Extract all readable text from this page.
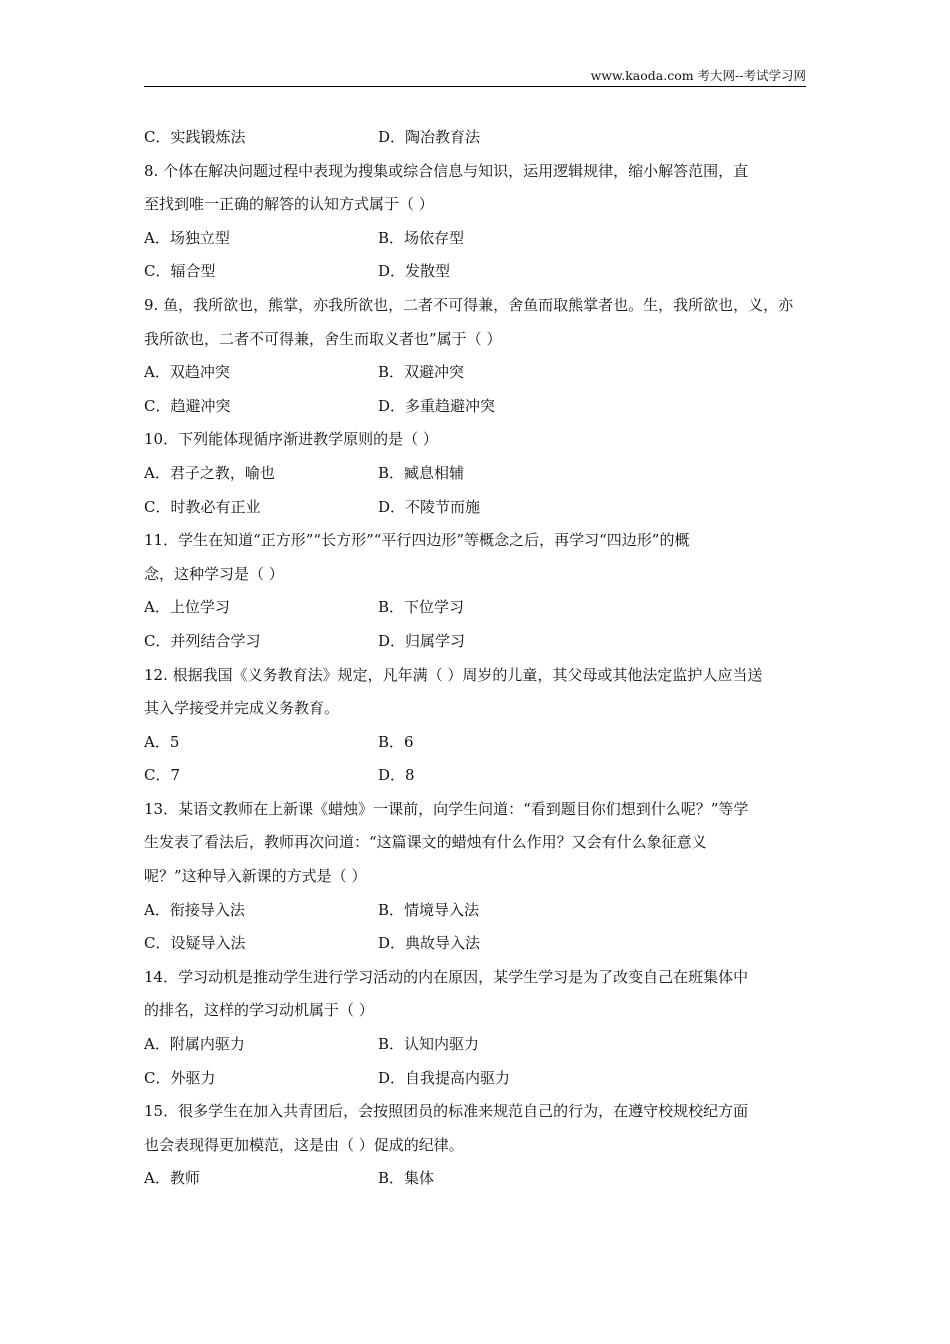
www.kaoda.com 考大网--考试学习网
C．实践锻炼法	D．陶冶教育法
8. 个体在解决问题过程中表现为搜集或综合信息与知识，运用逻辑规律，缩小解答范围，直
至找到唯一正确的解答的认知方式属于（ ）
A．场独立型	B．场依存型
C．辐合型	D．发散型
9. 鱼，我所欲也，熊掌，亦我所欲也，二者不可得兼，舍鱼而取熊掌者也。生，我所欲也，义，亦
我所欲也，二者不可得兼，舍生而取义者也”属于（ ）
A．双趋冲突	B．双避冲突
C．趋避冲突	D．多重趋避冲突
10．下列能体现循序渐进教学原则的是（ ）
A．君子之教，喻也	B．臧息相辅
C．时教必有正业	D．不陵节而施
11．学生在知道“正方形”“长方形”“平行四边形”等概念之后，再学习“四边形”的概
念，这种学习是（ ）
A．上位学习	B．下位学习
C．并列结合学习	D．归属学习
12. 根据我国《义务教育法》规定，凡年满（ ）周岁的儿童，其父母或其他法定监护人应当送
其入学接受并完成义务教育。
A．5	B．6
C．7	D．8
13．某语文教师在上新课《蜡烛》一课前，向学生问道：“看到题目你们想到什么呢？”等学
生发表了看法后，教师再次问道：“这篇课文的蜡烛有什么作用？又会有什么象征意义
呢？”这种导入新课的方式是（ ）
A．衔接导入法	B．情境导入法
C．设疑导入法	D．典故导入法
14．学习动机是推动学生进行学习活动的内在原因，某学生学习是为了改变自己在班集体中
的排名，这样的学习动机属于（ ）
A．附属内驱力	B．认知内驱力
C．外驱力	D．自我提高内驱力
15．很多学生在加入共青团后，会按照团员的标准来规范自己的行为，在遵守校规校纪方面
也会表现得更加模范，这是由（ ）促成的纪律。
A．教师	B．集体
